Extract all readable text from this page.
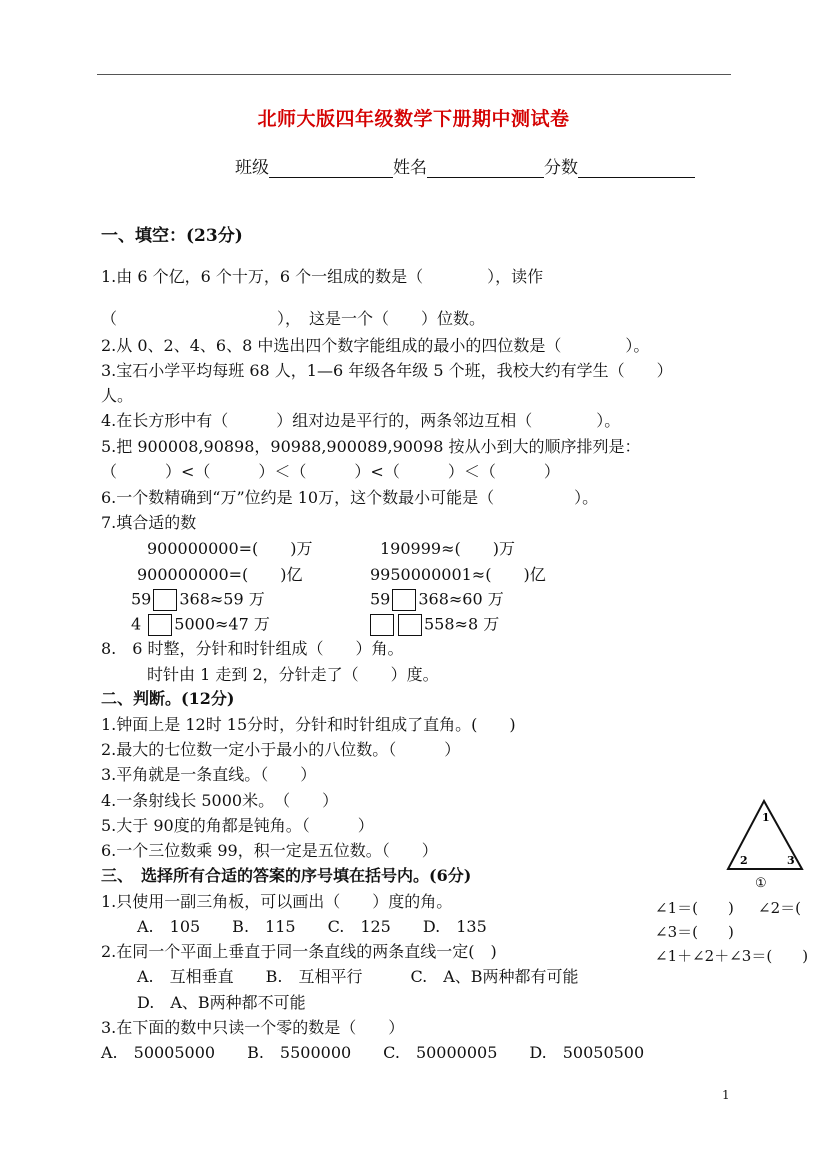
北师大版四年级数学下册期中测试卷
班级	姓名	分数
一、填空：(23分)
1.由 6 个亿，6 个十万，6 个一组成的数是（　　　　），读作
（　　　　　　　　　　），　这是一个（　　）位数。
2.从 0、2、4、6、8 中选出四个数字能组成的最小的四位数是（　　　　）。
3.宝石小学平均每班 68 人，1—6 年级各年级 5 个班，我校大约有学生（　　）
人。
4.在长方形中有（　　　）组对边是平行的，两条邻边互相（　　　　）。
5.把 900008,90898，90988,900089,90098 按从小到大的顺序排列是：
（　　　）<（　　　）＜（　　　）<（　　　）＜（　　　）
6.一个数精确到“万”位约是 10万，这个数最小可能是（　　　　　）。
7.填合适的数
900000000=(　　)万	190999≈(　　)万
900000000=(　　)亿	9950000001≈(　　)亿
59 368≈59 万	59 368≈60 万
4 5000≈47 万	558≈8 万
8.　6 时整，分针和时针组成（　　）角。
时针由 1 走到 2，分针走了（　　）度。
二、判断。(12分)
1.钟面上是 12时 15分时，分针和时针组成了直角。(　　)
2.最大的七位数一定小于最小的八位数。（　　　）
3.平角就是一条直线。（　　）
4.一条射线长 5000米。　（　　）
5.大于 90度的角都是钝角。（　　　）
6.一个三位数乘 99，积一定是五位数。（　　）
三、　选择所有合适的答案的序号填在括号内。(6分)
1.只使用一副三角板，可以画出（　　）度的角。
A.　105　　B.　115　　C.　125　　D.　135
2.在同一个平面上垂直于同一条直线的两条直线一定(　)
A.　互相垂直　　B.　互相平行　　　C.　A、B两种都有可能
D.　A、B两种都不可能
3.在下面的数中只读一个零的数是（　　）
A.　50005000　　B.　5500000　　C.　50000005　　D.　50050500
1
2	3
①
∠1＝(　　) ∠2＝(
∠3＝(　　)
∠1＋∠2＋∠3＝(　　)
1
